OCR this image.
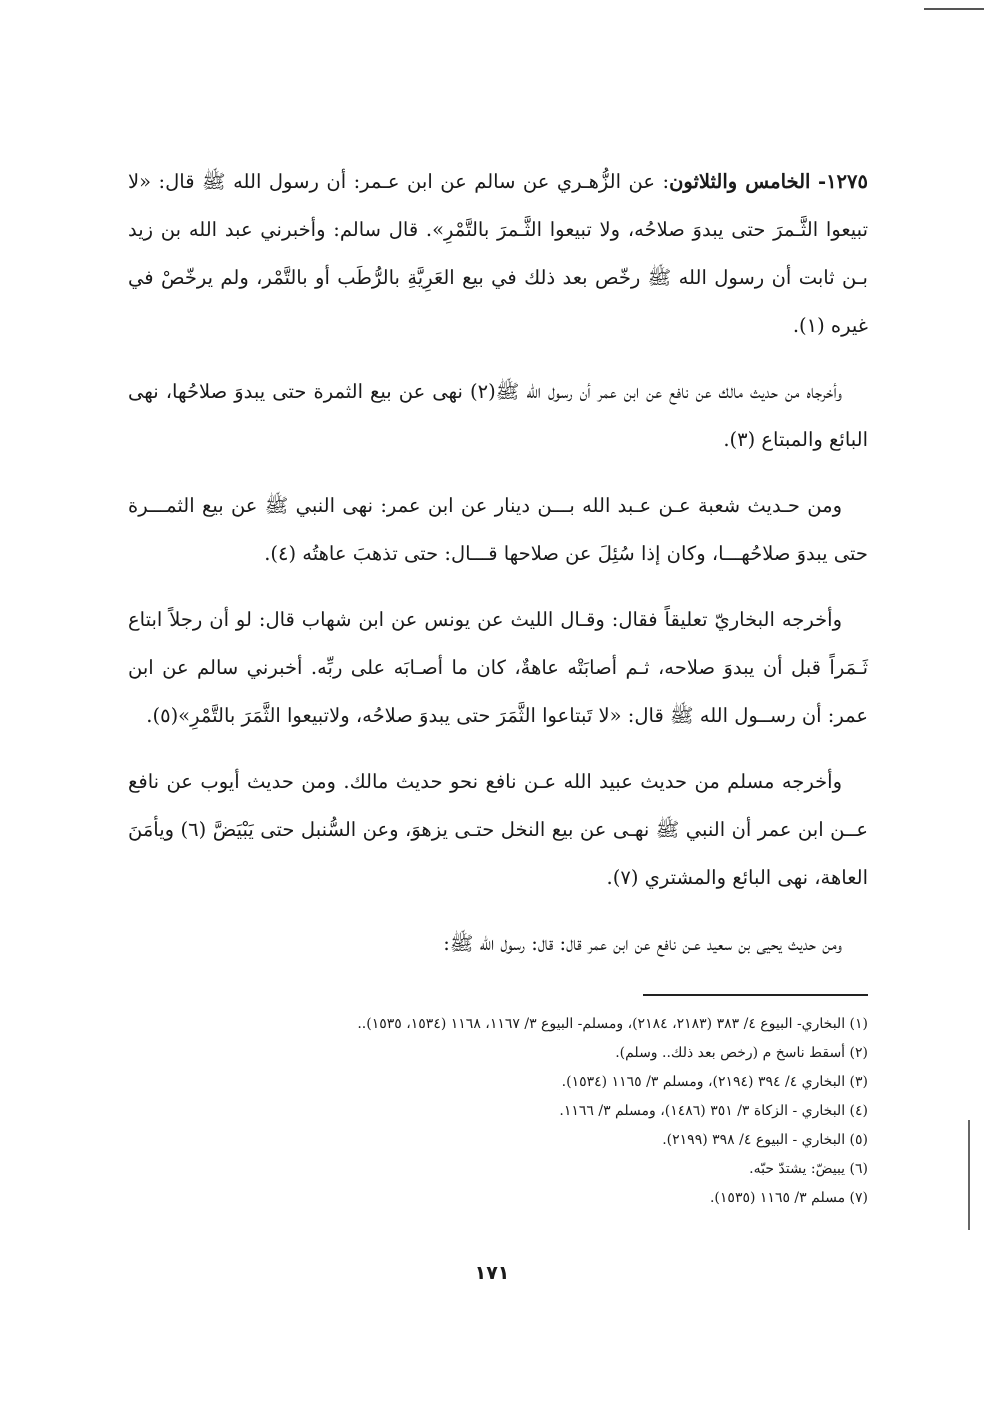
١٢٧٥- الخامس والثلاثون: عن الزُّهـري عن سالم عن ابن عـمر: أن رسول الله ﷺ قال: «لا تبيعوا الثَّـمرَ حتى يبدوَ صلاحُه، ولا تبيعوا الثَّـمرَ بالتَّمْرِ». قال سالم: وأخبرني عبد الله بن زيد بـن ثابت أن رسول الله ﷺ رخّص بعد ذلك في بيع العَرِيَّةِ بالرُّطَب أو بالتَّمْر، ولم يرخّصْ في غيره (١).

وأخرجاه من حديث مالك عن نافع عن ابن عمر أن رسول الله ﷺ(٢) نهى عن بيع الثمرة حتى يبدوَ صلاحُها، نهى البائع والمبتاع (٣).

ومن حـديث شعبة عـن عـبد الله بـــن دينار عن ابن عمر: نهى النبي ﷺ عن بيع الثمـــرة حتى يبدوَ صلاحُهـــا، وكان إذا سُئِلَ عن صلاحها قـــال: حتى تذهبَ عاهتُه (٤).

وأخرجه البخاريّ تعليقاً فقال: وقـال الليث عن يونس عن ابن شهاب قال: لو أن رجلاً ابتاع ثَـمَراً قبل أن يبدوَ صلاحه، ثـم أصابَتْه عاهةٌ، كان ما أصـابَه على ربِّه. أخبرني سالم عن ابن عمر: أن رســول الله ﷺ قال: «لا تَبتاعوا الثَّمَرَ حتى يبدوَ صلاحُه، ولاتبيعوا الثَّمَرَ بالتَّمْرِ»(٥).

وأخرجه مسلم من حديث عبيد الله عـن نافع نحو حديث مالك. ومن حديث أيوب عن نافع عــن ابن عمر أن النبي ﷺ نهـى عن بيع النخل حتـى يزهوَ، وعن السُّنبل حتى يَبْيَضَّ (٦) ويأمَنَ العاهة، نهى البائع والمشتري (٧).

ومن حديث يحيى بن سعيد عـن نافع عن ابن عمر قال: قال: رسول الله ﷺ:

(١) البخاري- البيوع ٤/ ٣٨٣ (٢١٨٣، ٢١٨٤)، ومسلم- البيوع ٣/ ١١٦٧، ١١٦٨ (١٥٣٤، ١٥٣٥)..
(٢) أسقط ناسخ م (رخص بعد ذلك.. وسلم).
(٣) البخاري ٤/ ٣٩٤ (٢١٩٤)، ومسلم ٣/ ١١٦٥ (١٥٣٤).
(٤) البخاري - الزكاة ٣/ ٣٥١ (١٤٨٦)، ومسلم ٣/ ١١٦٦.
(٥) البخاري - البيوع ٤/ ٣٩٨ (٢١٩٩).
(٦) يبيضّ: يشتدّ حبّه.
(٧) مسلم ٣/ ١١٦٥ (١٥٣٥).
١٧١
